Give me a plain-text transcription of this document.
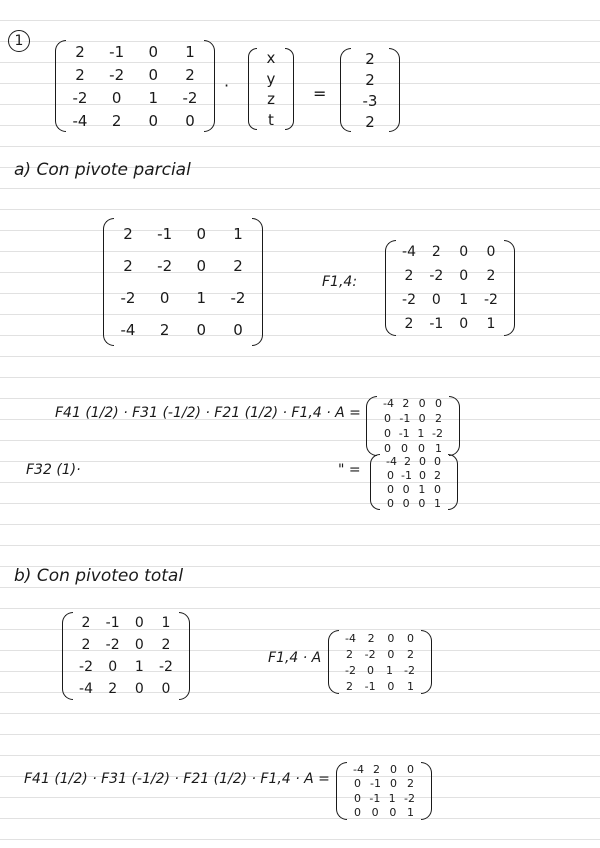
1
2 -1 0 1
2 -2 0 2
-2 0 1 -2
-4 2 0 0
·
x
y
z
t
=
2
2
-3
2
a) Con pivote parcial
2 -1 0 1
2 -2 0 2
-2 0 1 -2
-4 2 0 0
F1,4:
-4 2 0 0
2 -2 0 2
-2 0 1 -2
2 -1 0 1
F41 (1/2) · F31 (-1/2) · F21 (1/2) · F1,4 · A =
-4 2 0 0
0 -1 0 2
0 -1 1 -2
0 0 0 1
F32 (1)·	" =
-4 2 0 0
0 -1 0 2
0 0 1 0
0 0 0 1
b) Con pivoteo total
2 -1 0 1
2 -2 0 2
-2 0 1 -2
-4 2 0 0
F1,4 · A
-4 2 0 0
2 -2 0 2
-2 0 1 -2
2 -1 0 1
F41 (1/2) · F31 (-1/2) · F21 (1/2) · F1,4 · A =
-4 2 0 0
0 -1 0 2
0 -1 1 -2
0 0 0 1
